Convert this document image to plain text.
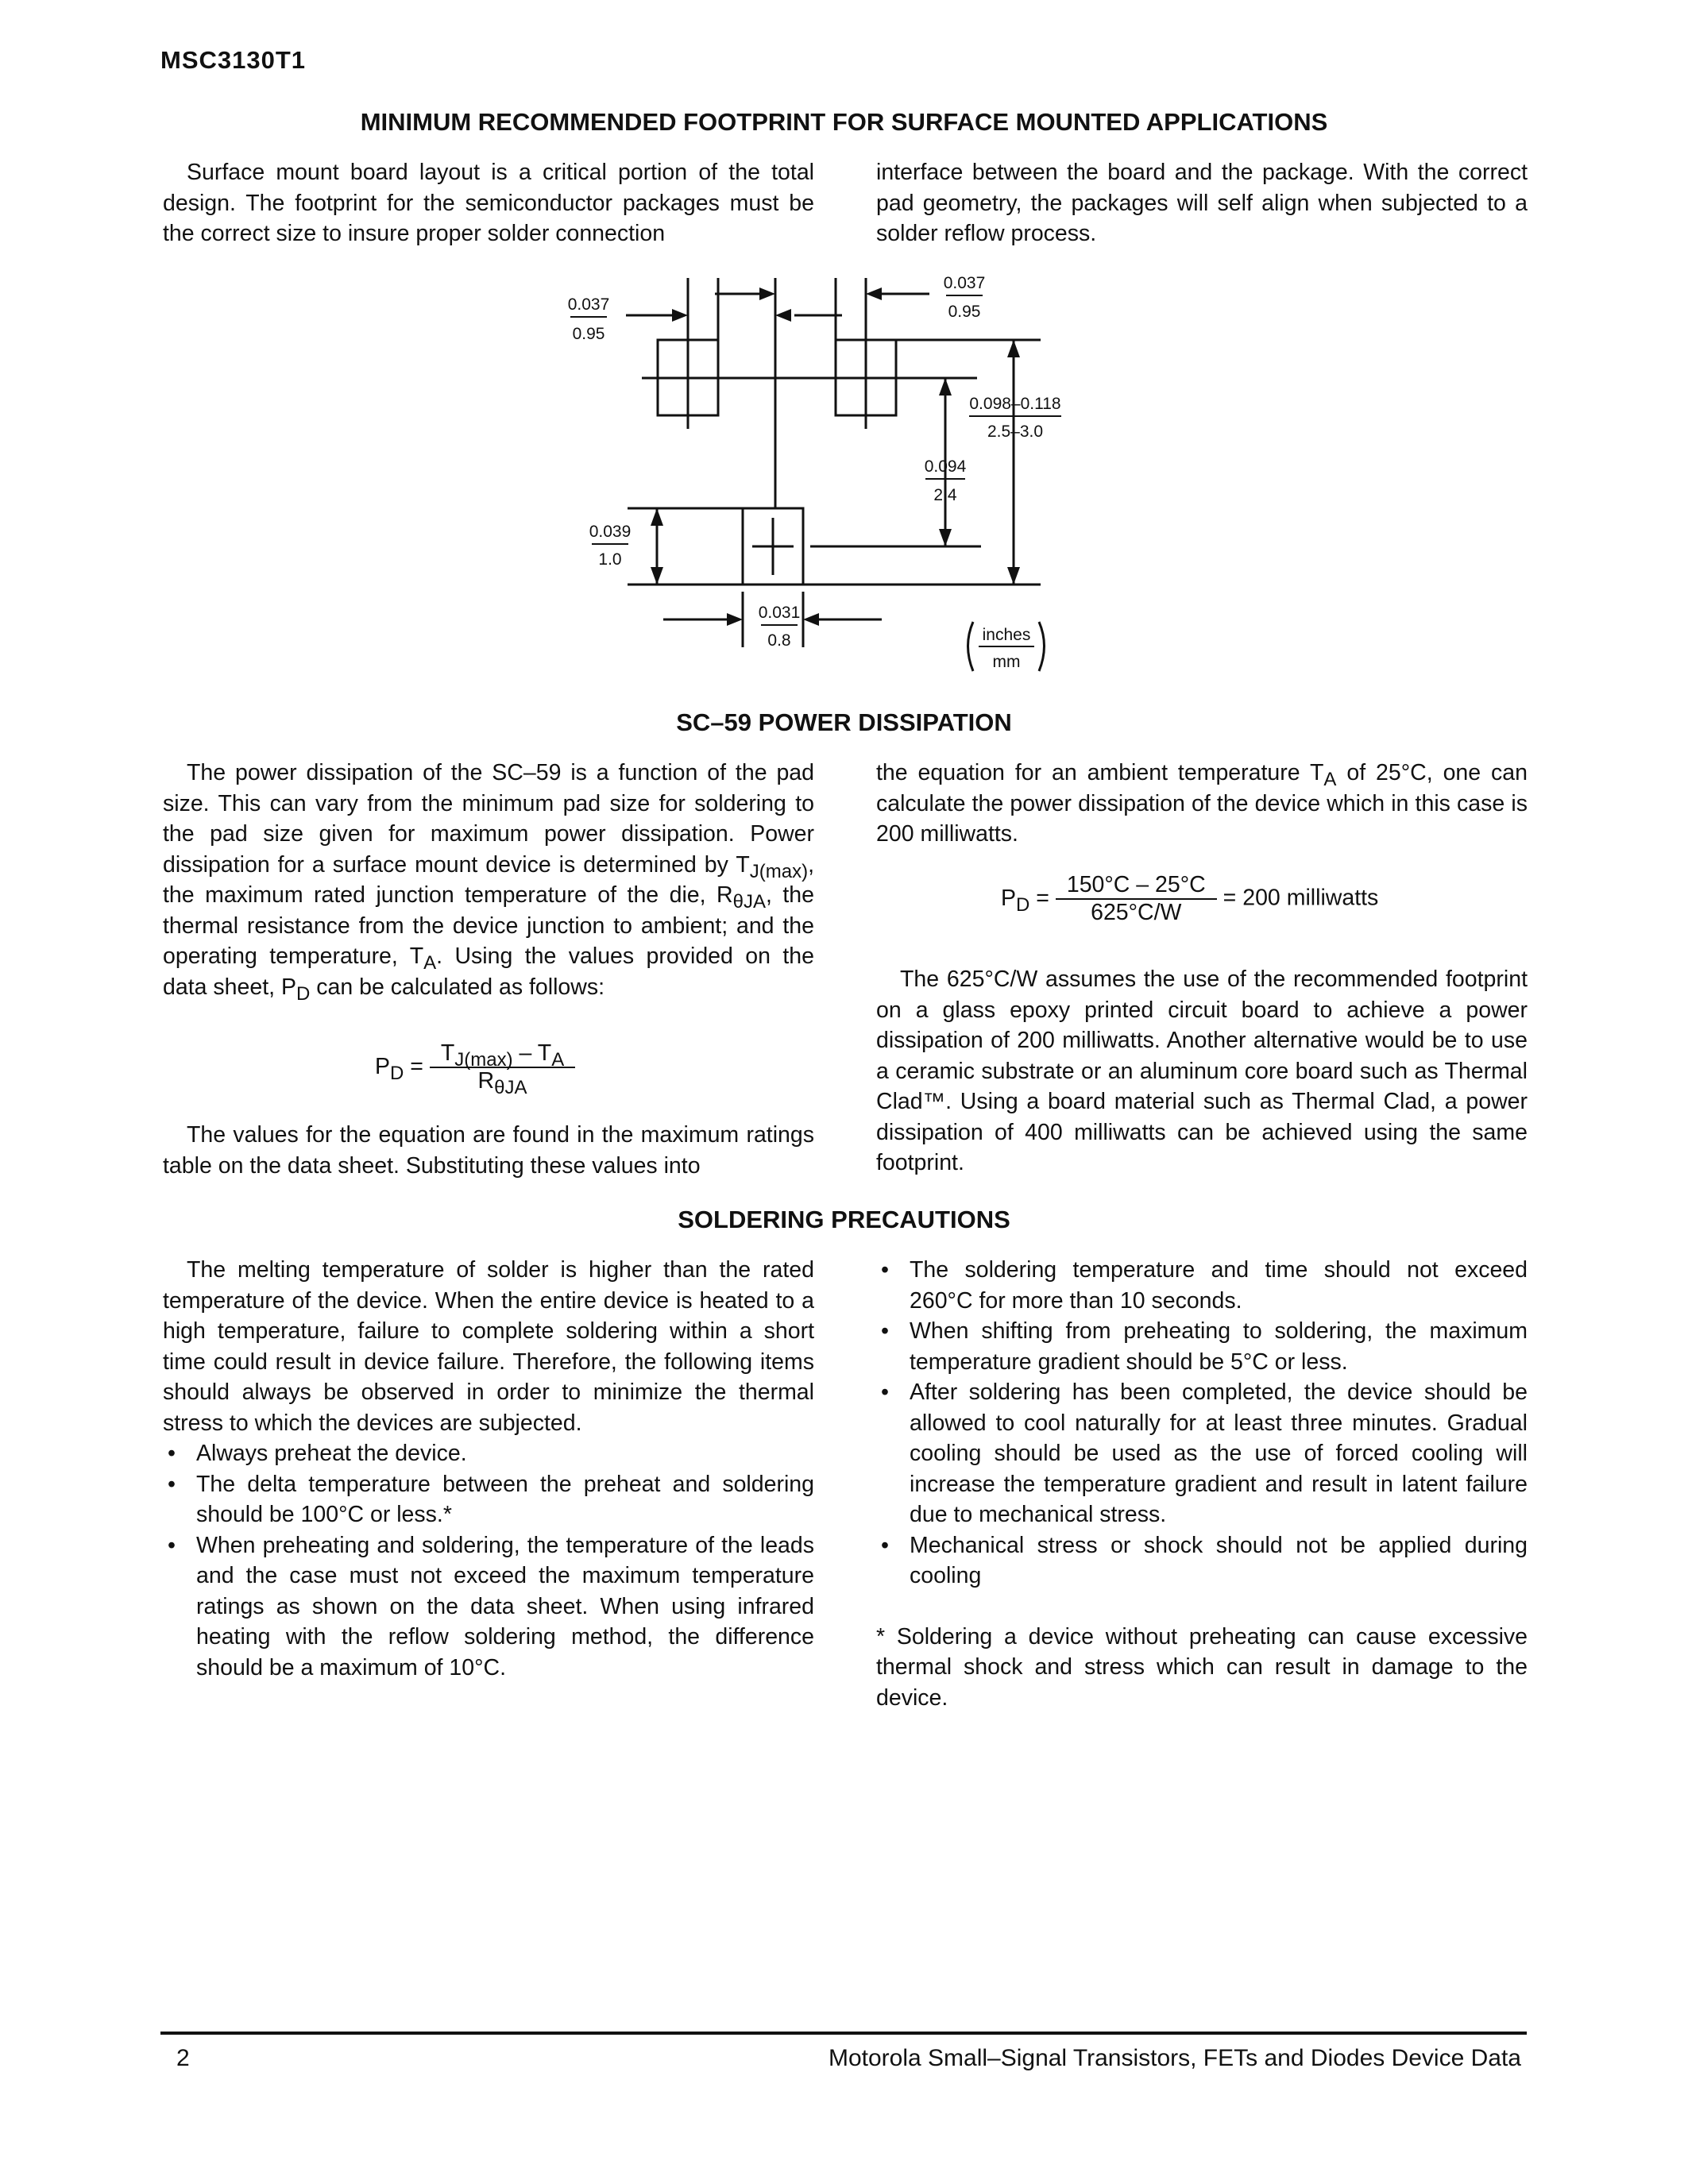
MSC3130T1
MINIMUM RECOMMENDED FOOTPRINT FOR SURFACE MOUNTED APPLICATIONS

Surface mount board layout is a critical portion of the total design. The footprint for the semiconductor packages must be the correct size to insure proper solder connection

interface between the board and the package. With the correct pad geometry, the packages will self align when subjected to a solder reflow process.

0.037
0.95
0.037
0.95
0.098–0.118
2.5–3.0
0.094
2.4
0.039
1.0
0.031
0.8	inches
mm
SC–59 POWER DISSIPATION

The power dissipation of the SC–59 is a function of the pad size. This can vary from the minimum pad size for soldering to the pad size given for maximum power dissipation. Power dissipation for a surface mount device is determined by $T_{J(max)}$, the maximum rated junction temperature of the die, $R_{\theta JA}$, the thermal resistance from the device junction to ambient; and the operating temperature, $T_A$. Using the values provided on the data sheet, $P_D$ can be calculated as follows:

$P_D = \frac{T_{J(max)} - T_A}{R_{\theta JA}}$

The values for the equation are found in the maximum ratings table on the data sheet. Substituting these values into

the equation for an ambient temperature $T_A$ of 25°C, one can calculate the power dissipation of the device which in this case is 200 milliwatts.

$P_D = \frac{150^\circ C - 25^\circ C}{625^\circ C/W} = 200$ milliwatts

The 625°C/W assumes the use of the recommended footprint on a glass epoxy printed circuit board to achieve a power dissipation of 200 milliwatts. Another alternative would be to use a ceramic substrate or an aluminum core board such as Thermal Clad™. Using a board material such as Thermal Clad, a power dissipation of 400 milliwatts can be achieved using the same footprint.

SOLDERING PRECAUTIONS

The melting temperature of solder is higher than the rated temperature of the device. When the entire device is heated to a high temperature, failure to complete soldering within a short time could result in device failure. Therefore, the following items should always be observed in order to minimize the thermal stress to which the devices are subjected.

• Always preheat the device.
• The delta temperature between the preheat and soldering should be 100°C or less.*
• When preheating and soldering, the temperature of the leads and the case must not exceed the maximum temperature ratings as shown on the data sheet. When using infrared heating with the reflow soldering method, the difference should be a maximum of 10°C.
• The soldering temperature and time should not exceed 260°C for more than 10 seconds.
• When shifting from preheating to soldering, the maximum temperature gradient should be 5°C or less.
• After soldering has been completed, the device should be allowed to cool naturally for at least three minutes. Gradual cooling should be used as the use of forced cooling will increase the temperature gradient and result in latent failure due to mechanical stress.
• Mechanical stress or shock should not be applied during cooling

* Soldering a device without preheating can cause excessive thermal shock and stress which can result in damage to the device.

2	Motorola Small–Signal Transistors, FETs and Diodes Device Data
